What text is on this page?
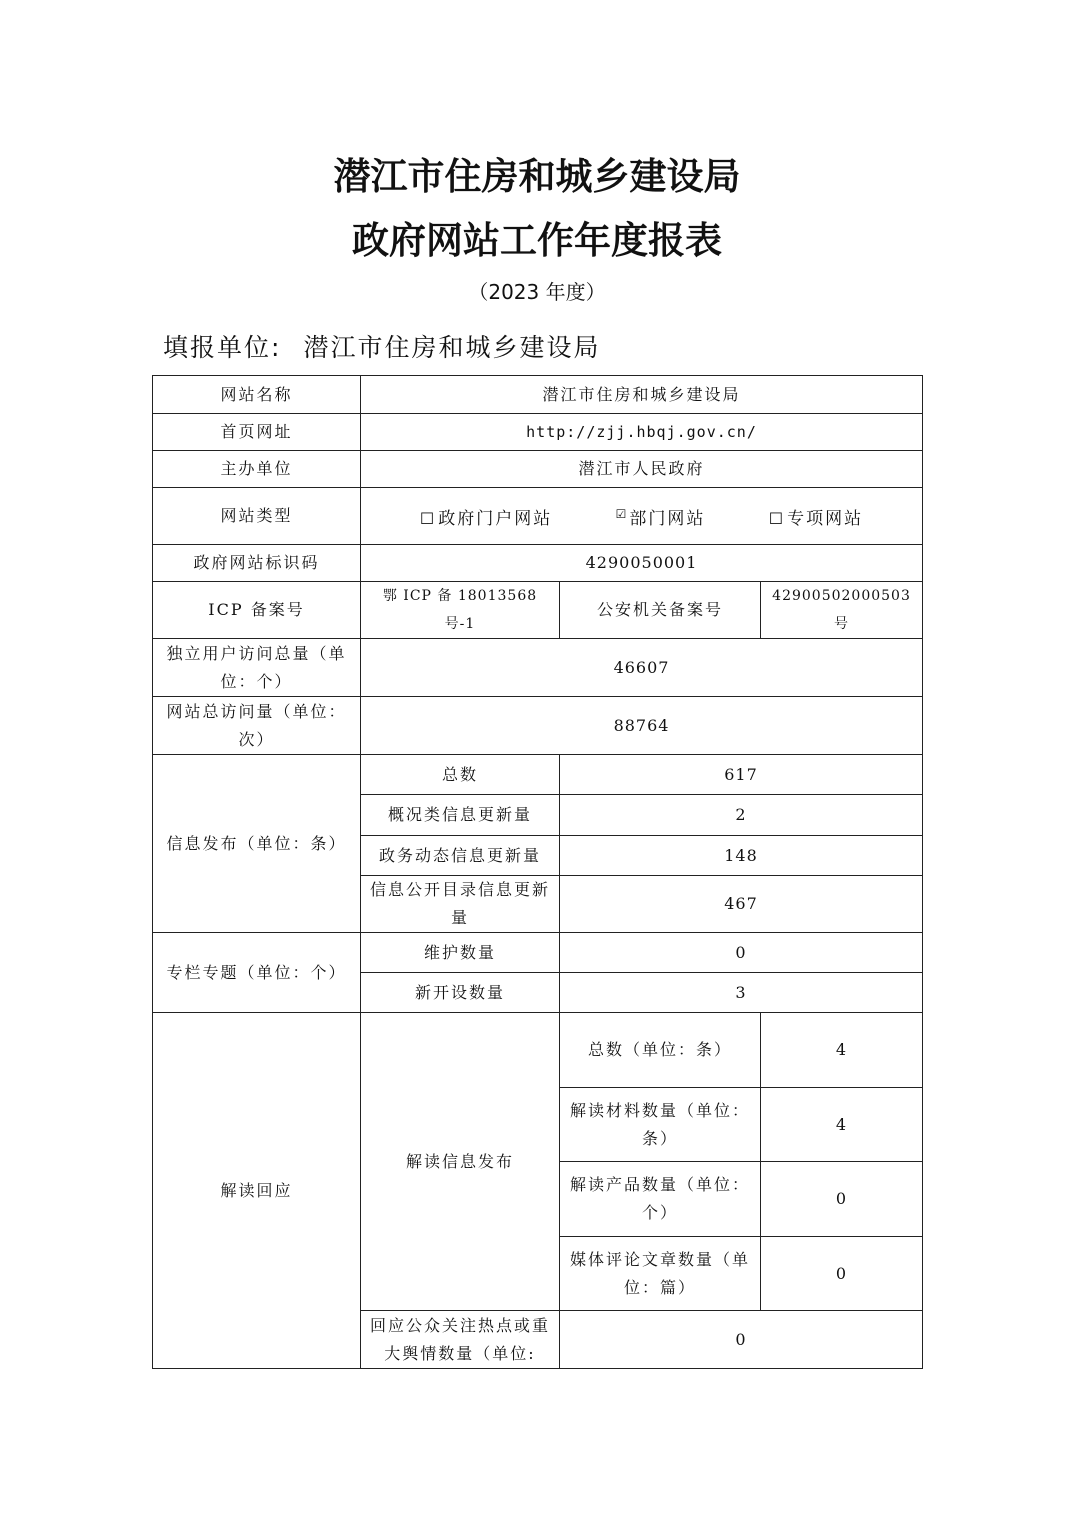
潜江市住房和城乡建设局
政府网站工作年度报表
（2023 年度）
填报单位: 潜江市住房和城乡建设局
网站名称	潜江市住房和城乡建设局		
首页网址	http://zjj.hbqj.gov.cn/		
主办单位	潜江市人民政府		
网站类型	☐ 政府门户网站 ☑部门网站 ☐ 专项网站		
政府网站标识码	4290050001		
ICP 备案号	鄂 ICP 备 18013568 号-1	公安机关备案号	42900502000503 号
独立用户访问总量（单位：个）	46607		
网站总访问量（单位：次）	88764		
信息发布（单位：条）	总数	617	
	概况类信息更新量	2	
	政务动态信息更新量	148	
	信息公开目录信息更新量	467	
专栏专题（单位：个）	维护数量	0	
	新开设数量	3	
解读回应	解读信息发布	总数（单位：条）	4
		解读材料数量（单位：条）	4
		解读产品数量（单位：个）	0
		媒体评论文章数量（单位：篇）	0
	回应公众关注热点或重大舆情数量（单位:	0	
